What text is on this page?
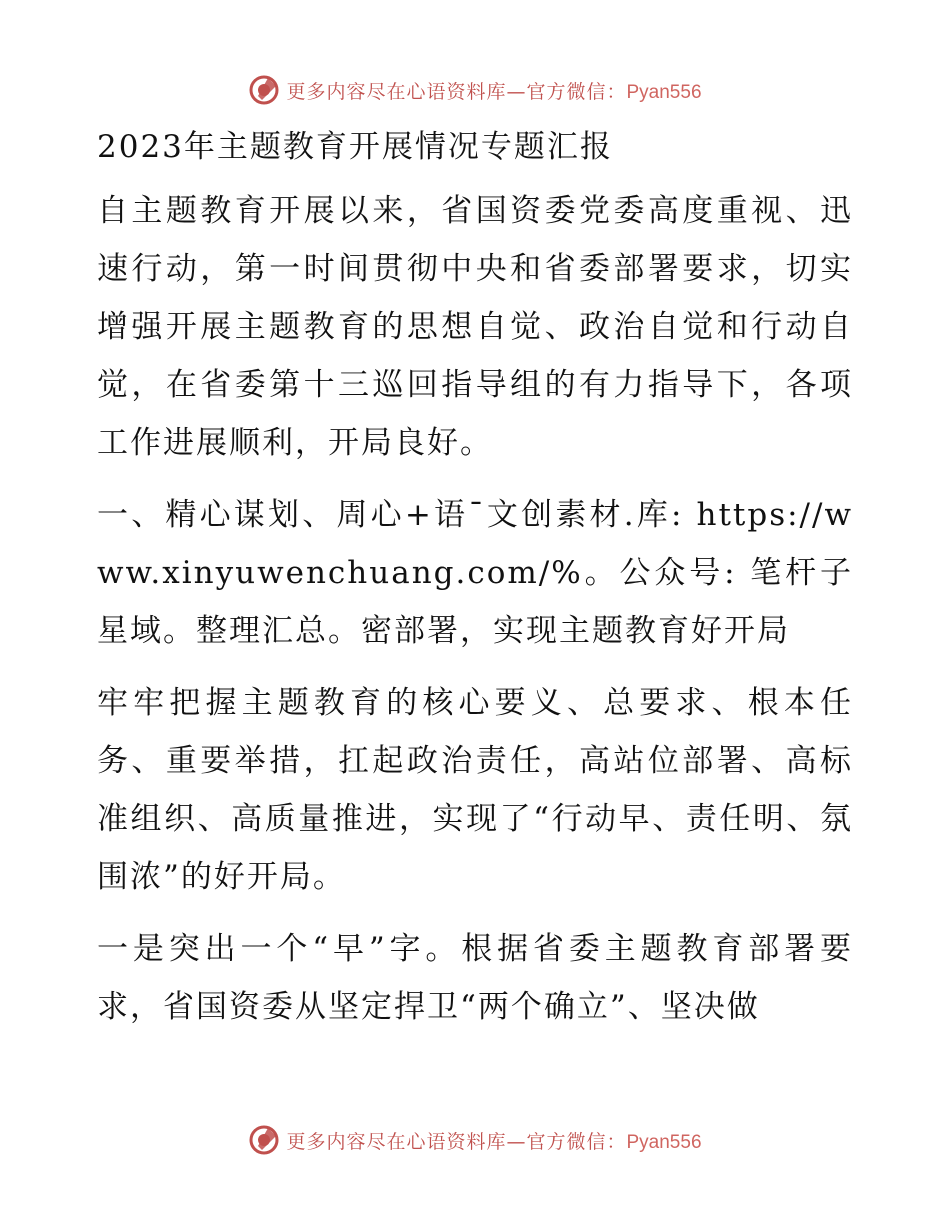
更多内容尽在心语资料库—官方微信：Pyan556
2023年主题教育开展情况专题汇报

自主题教育开展以来，省国资委党委高度重视、迅速行动，第一时间贯彻中央和省委部署要求，切实增强开展主题教育的思想自觉、政治自觉和行动自觉，在省委第十三巡回指导组的有力指导下，各项工作进展顺利，开局良好。

一、精心谋划、周心+语¯文创素材.库: https://www.xinyuwenchuang.com/%。公众号: 笔杆子星域。整理汇总。密部署，实现主题教育好开局

牢牢把握主题教育的核心要义、总要求、根本任务、重要举措，扛起政治责任，高站位部署、高标准组织、高质量推进，实现了“行动早、责任明、氛围浓”的好开局。

一是突出一个“早”字。根据省委主题教育部署要求，省国资委从坚定捍卫“两个确立”、坚决做

更多内容尽在心语资料库—官方微信：Pyan556
